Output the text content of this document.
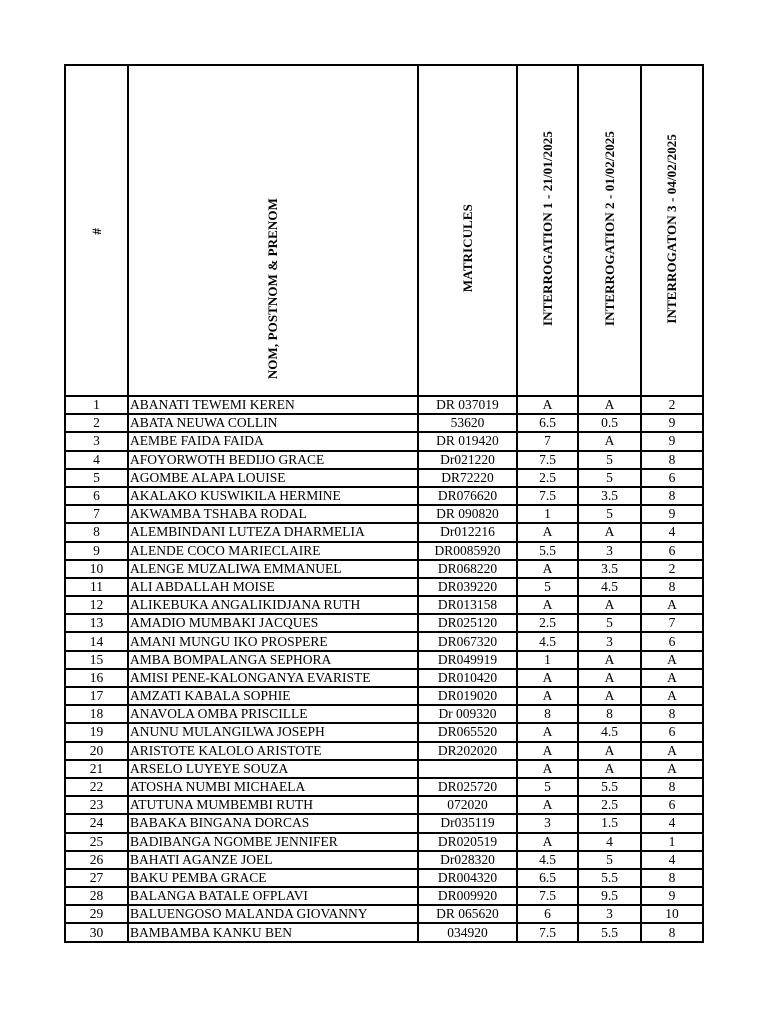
#	NOM, POSTNOM & PRENOM	MATRICULES	INTERROGATION 1 - 21/01/2025	INTERROGATION 2 - 01/02/2025	INTERROGATON 3 - 04/02/2025
1	ABANATI TEWEMI KEREN	DR 037019	A	A	2
2	ABATA NEUWA COLLIN	53620	6.5	0.5	9
3	AEMBE FAIDA FAIDA	DR 019420	7	A	9
4	AFOYORWOTH BEDIJO GRACE	Dr021220	7.5	5	8
5	AGOMBE ALAPA LOUISE	DR72220	2.5	5	6
6	AKALAKO KUSWIKILA HERMINE	DR076620	7.5	3.5	8
7	AKWAMBA TSHABA RODAL	DR 090820	1	5	9
8	ALEMBINDANI LUTEZA DHARMELIA	Dr012216	A	A	4
9	ALENDE COCO MARIECLAIRE	DR0085920	5.5	3	6
10	ALENGE MUZALIWA EMMANUEL	DR068220	A	3.5	2
11	ALI ABDALLAH MOISE	DR039220	5	4.5	8
12	ALIKEBUKA ANGALIKIDJANA RUTH	DR013158	A	A	A
13	AMADIO MUMBAKI JACQUES	DR025120	2.5	5	7
14	AMANI MUNGU IKO PROSPERE	DR067320	4.5	3	6
15	AMBA BOMPALANGA SEPHORA	DR049919	1	A	A
16	AMISI PENE-KALONGANYA EVARISTE	DR010420	A	A	A
17	AMZATI KABALA SOPHIE	DR019020	A	A	A
18	ANAVOLA OMBA PRISCILLE	Dr 009320	8	8	8
19	ANUNU MULANGILWA JOSEPH	DR065520	A	4.5	6
20	ARISTOTE KALOLO ARISTOTE	DR202020	A	A	A
21	ARSELO LUYEYE SOUZA		A	A	A
22	ATOSHA NUMBI MICHAELA	DR025720	5	5.5	8
23	ATUTUNA MUMBEMBI RUTH	072020	A	2.5	6
24	BABAKA BINGANA DORCAS	Dr035119	3	1.5	4
25	BADIBANGA NGOMBE JENNIFER	DR020519	A	4	1
26	BAHATI AGANZE JOEL	Dr028320	4.5	5	4
27	BAKU PEMBA GRACE	DR004320	6.5	5.5	8
28	BALANGA BATALE OFPLAVI	DR009920	7.5	9.5	9
29	BALUENGOSO MALANDA GIOVANNY	DR 065620	6	3	10
30	BAMBAMBA KANKU BEN	034920	7.5	5.5	8
